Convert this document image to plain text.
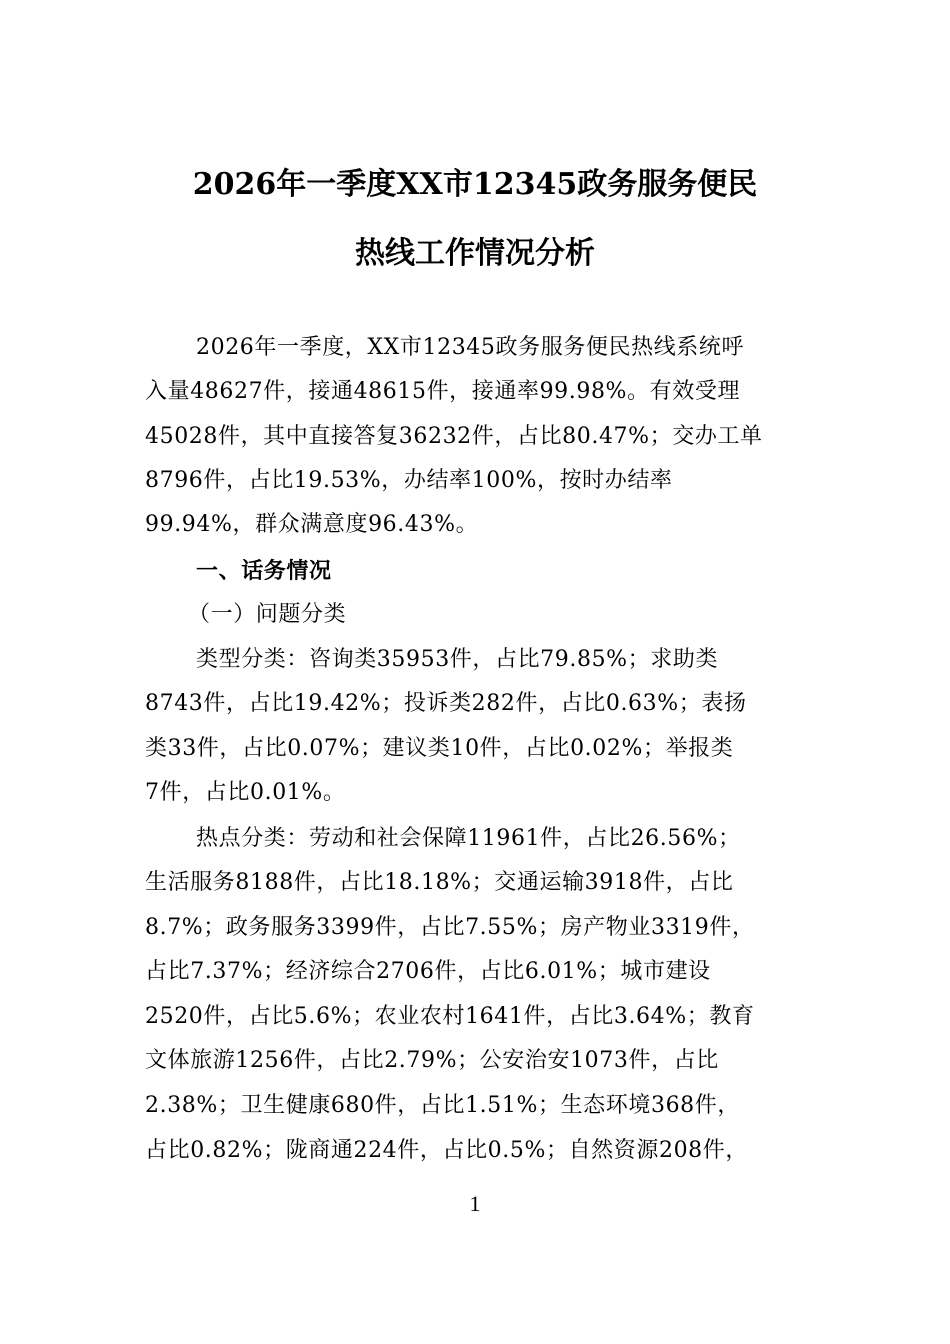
2026年一季度XX市12345政务服务便民
热线工作情况分析
2026年一季度，XX市12345政务服务便民热线系统呼
入量48627件，接通48615件，接通率99.98%。有效受理
45028件，其中直接答复36232件，占比80.47%；交办工单
8796件，占比19.53%，办结率100%，按时办结率
99.94%，群众满意度96.43%。
一、话务情况
（一）问题分类
类型分类：咨询类35953件，占比79.85%；求助类
8743件，占比19.42%；投诉类282件，占比0.63%；表扬
类33件，占比0.07%；建议类10件，占比0.02%；举报类
7件，占比0.01%。
热点分类：劳动和社会保障11961件，占比26.56%；
生活服务8188件，占比18.18%；交通运输3918件，占比
8.7%；政务服务3399件，占比7.55%；房产物业3319件，
占比7.37%；经济综合2706件，占比6.01%；城市建设
2520件，占比5.6%；农业农村1641件，占比3.64%；教育
文体旅游1256件，占比2.79%；公安治安1073件，占比
2.38%；卫生健康680件，占比1.51%；生态环境368件，
占比0.82%；陇商通224件，占比0.5%；自然资源208件，
1
